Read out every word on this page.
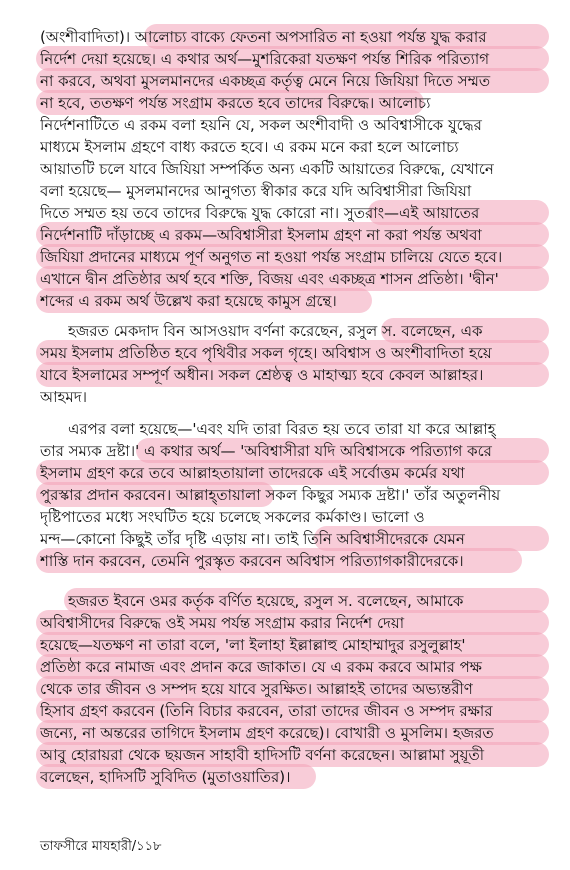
(অংশীবাদিতা)। আলোচ্য বাক্যে ফেতনা অপসারিত না হওয়া পর্যন্ত যুদ্ধ করার
নির্দেশ দেয়া হয়েছে। এ কথার অর্থ—মুশরিকেরা যতক্ষণ পর্যন্ত শিরিক পরিত্যাগ
না করবে, অথবা মুসলমানদের একচ্ছত্র কর্তৃত্ব মেনে নিয়ে জিযিয়া দিতে সম্মত
না হবে, ততক্ষণ পর্যন্ত সংগ্রাম করতে হবে তাদের বিরুদ্ধে। আলোচ্য
নির্দেশনাটিতে এ রকম বলা হয়নি যে, সকল অংশীবাদী ও অবিশ্বাসীকে যুদ্ধের
মাধ্যমে ইসলাম গ্রহণে বাধ্য করতে হবে। এ রকম মনে করা হলে আলোচ্য
আয়াতটি চলে যাবে জিযিয়া সম্পর্কিত অন্য একটি আয়াতের বিরুদ্ধে, যেখানে
বলা হয়েছে— মুসলমানদের আনুগত্য স্বীকার করে যদি অবিশ্বাসীরা জিযিয়া
দিতে সম্মত হয় তবে তাদের বিরুদ্ধে যুদ্ধ কোরো না। সুতরাং—এই আয়াতের
নির্দেশনাটি দাঁড়াচ্ছে এ রকম—অবিশ্বাসীরা ইসলাম গ্রহণ না করা পর্যন্ত অথবা
জিযিয়া প্রদানের মাধ্যমে পূর্ণ অনুগত না হওয়া পর্যন্ত সংগ্রাম চালিয়ে যেতে হবে।
এখানে দ্বীন প্রতিষ্ঠার অর্থ হবে শক্তি, বিজয় এবং একচ্ছত্র শাসন প্রতিষ্ঠা। 'দ্বীন'
শব্দের এ রকম অর্থ উল্লেখ করা হয়েছে কামুস গ্রন্থে।
হজরত মেকদাদ বিন আসওয়াদ বর্ণনা করেছেন, রসুল স. বলেছেন, এক
সময় ইসলাম প্রতিষ্ঠিত হবে পৃথিবীর সকল গৃহে। অবিশ্বাস ও অংশীবাদিতা হয়ে
যাবে ইসলামের সম্পূর্ণ অধীন। সকল শ্রেষ্ঠত্ব ও মাহাত্ম্য হবে কেবল আল্লাহর।
আহমদ।
এরপর বলা হয়েছে—'এবং যদি তারা বিরত হয় তবে তারা যা করে আল্লাহ্
তার সম্যক দ্রষ্টা।' এ কথার অর্থ— 'অবিশ্বাসীরা যদি অবিশ্বাসকে পরিত্যাগ করে
ইসলাম গ্রহণ করে তবে আল্লাহতায়ালা তাদেরকে এই সর্বোত্তম কর্মের যথা
পুরস্কার প্রদান করবেন। আল্লাহ্তায়ালা সকল কিছুর সম্যক দ্রষ্টা।' তাঁর অতুলনীয়
দৃষ্টিপাতের মধ্যে সংঘটিত হয়ে চলেছে সকলের কর্মকাণ্ড। ভালো ও
মন্দ—কোনো কিছুই তাঁর দৃষ্টি এড়ায় না। তাই তিনি অবিশ্বাসীদেরকে যেমন
শাস্তি দান করবেন, তেমনি পুরস্কৃত করবেন অবিশ্বাস পরিত্যাগকারীদেরকে।
হজরত ইবনে ওমর কর্তৃক বর্ণিত হয়েছে, রসুল স. বলেছেন, আমাকে
অবিশ্বাসীদের বিরুদ্ধে ওই সময় পর্যন্ত সংগ্রাম করার নির্দেশ দেয়া
হয়েছে—যতক্ষণ না তারা বলে, 'লা ইলাহা ইল্লাল্লাহু মোহাম্মাদুর রসুলুল্লাহ'
প্রতিষ্ঠা করে নামাজ এবং প্রদান করে জাকাত। যে এ রকম করবে আমার পক্ষ
থেকে তার জীবন ও সম্পদ হয়ে যাবে সুরক্ষিত। আল্লাহই তাদের অভ্যন্তরীণ
হিসাব গ্রহণ করবেন (তিনি বিচার করবেন, তারা তাদের জীবন ও সম্পদ রক্ষার
জন্যে, না অন্তরের তাগিদে ইসলাম গ্রহণ করেছে)। বোখারী ও মুসলিম। হজরত
আবু হোরায়রা থেকে ছয়জন সাহাবী হাদিসটি বর্ণনা করেছেন। আল্লামা সুয়ূতী
বলেছেন, হাদিসটি সুবিদিত (মুতাওয়াতির)।
তাফসীরে মাযহারী/১১৮
